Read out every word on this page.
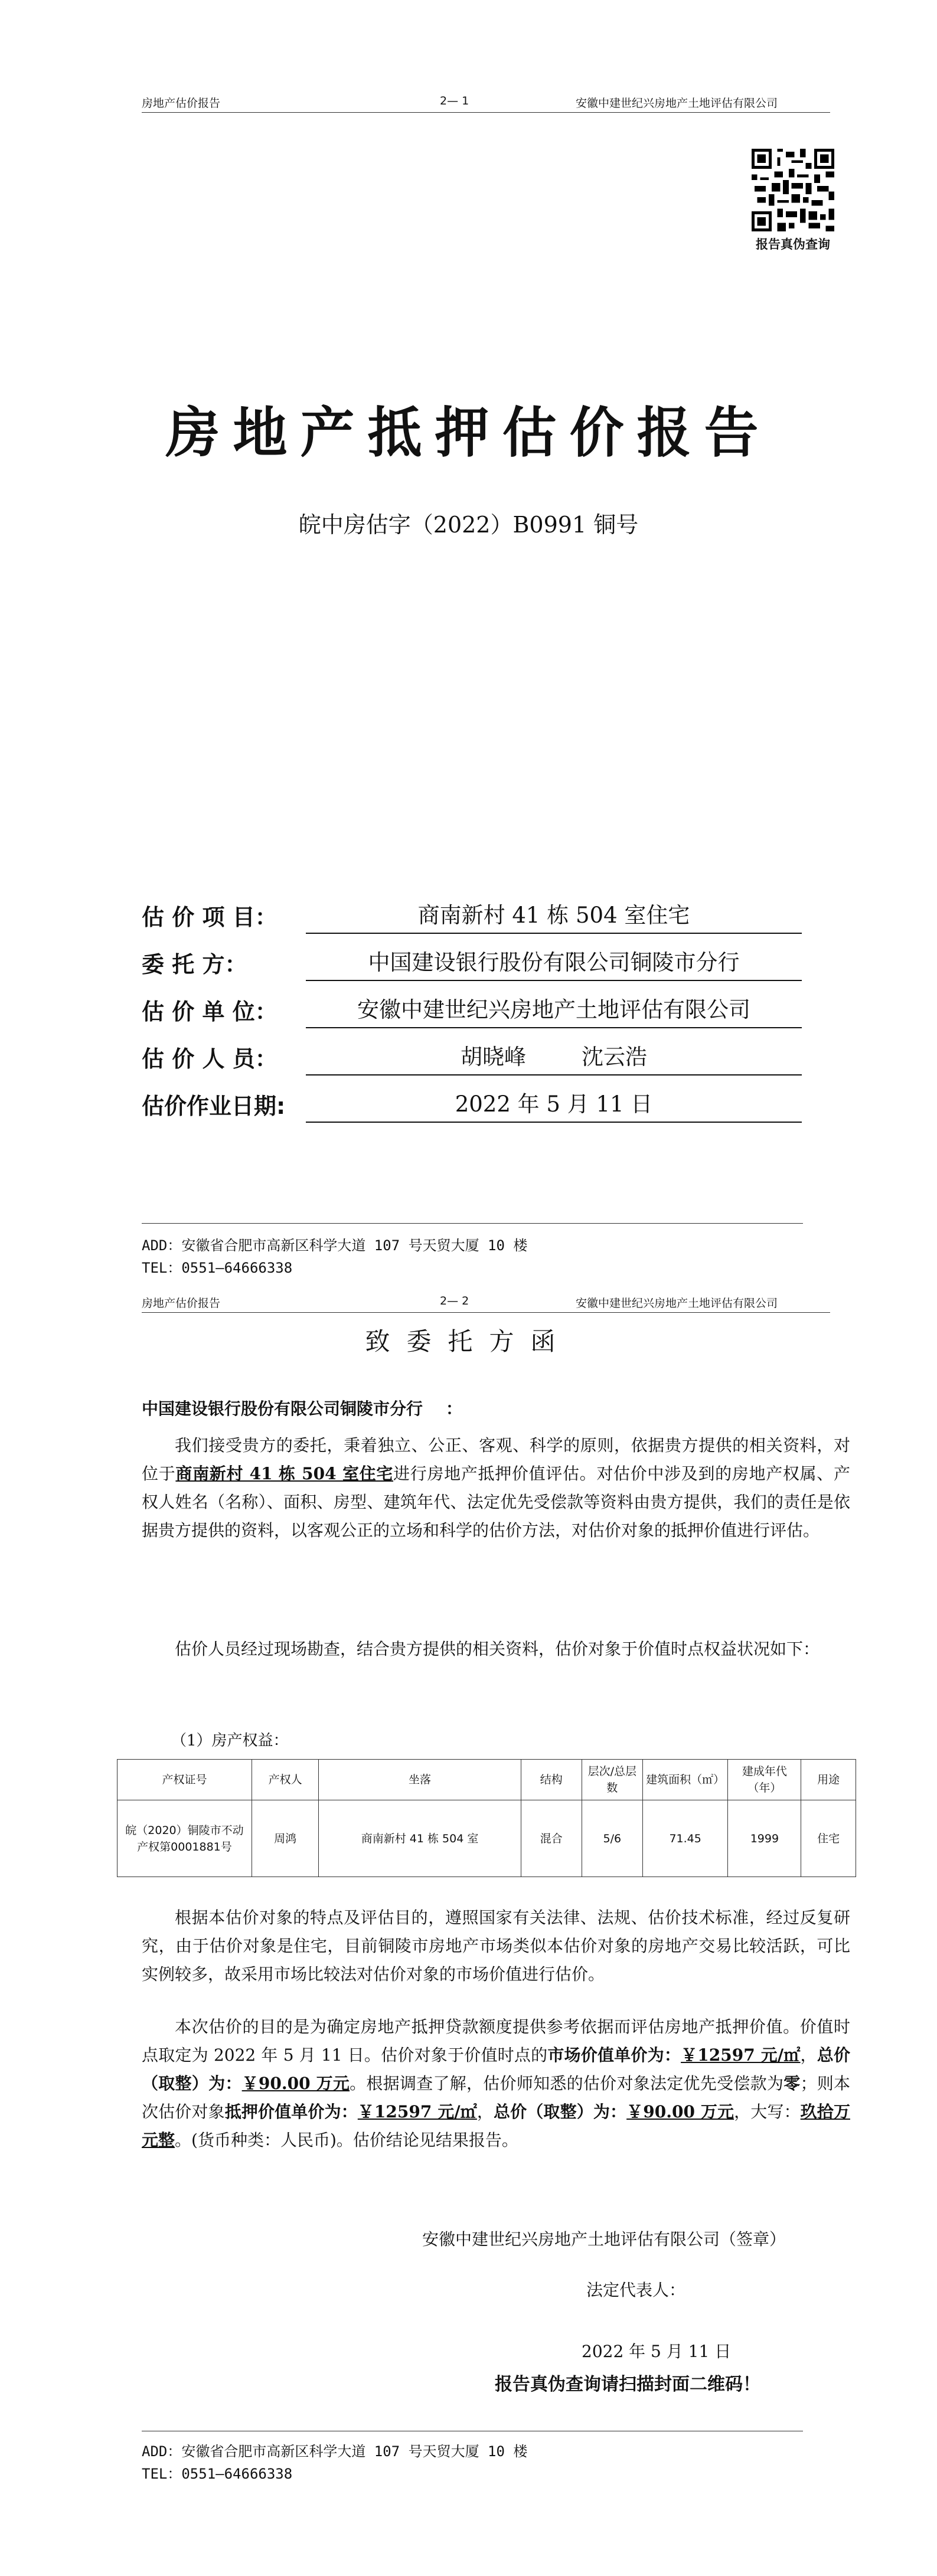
房地产估价报告	2— 1	安徽中建世纪兴房地产土地评估有限公司
报告真伪查询
房地产抵押估价报告
皖中房估字（2022）B0991 铜号
估 价 项 目：	商南新村 41 栋 504 室住宅
委 托 方：	中国建设银行股份有限公司铜陵市分行
估 价 单 位：	安徽中建世纪兴房地产土地评估有限公司
估 价 人 员：	胡晓峰        沈云浩
估价作业日期:	2022 年 5 月 11 日
ADD：安徽省合肥市高新区科学大道 107 号天贸大厦 10 楼
TEL：0551—64666338
房地产估价报告	2— 2	安徽中建世纪兴房地产土地评估有限公司
致委托方函
中国建设银行股份有限公司铜陵市分行    ：
我们接受贵方的委托，秉着独立、公正、客观、科学的原则，依据贵方提供的相关资料，对位于商南新村 41 栋 504 室住宅进行房地产抵押价值评估。对估价中涉及到的房地产权属、产权人姓名（名称）、面积、房型、建筑年代、法定优先受偿款等资料由贵方提供，我们的责任是依据贵方提供的资料，以客观公正的立场和科学的估价方法，对估价对象的抵押价值进行评估。
估价人员经过现场勘查，结合贵方提供的相关资料，估价对象于价值时点权益状况如下：
（1）房产权益：
产权证号	产权人	坐落	结构	层次/总层数	建筑面积（㎡）	建成年代（年）	用途
皖（2020）铜陵市不动产权第0001881号	周鸿	商南新村 41 栋 504 室	混合	5/6	71.45	1999	住宅
根据本估价对象的特点及评估目的，遵照国家有关法律、法规、估价技术标准，经过反复研究，由于估价对象是住宅，目前铜陵市房地产市场类似本估价对象的房地产交易比较活跃，可比实例较多，故采用市场比较法对估价对象的市场价值进行估价。
本次估价的目的是为确定房地产抵押贷款额度提供参考依据而评估房地产抵押价值。价值时点取定为 2022 年 5 月 11 日。估价对象于价值时点的市场价值单价为：￥12597 元/㎡，总价（取整）为：￥90.00 万元。根据调查了解，估价师知悉的估价对象法定优先受偿款为零；则本次估价对象抵押价值单价为：￥12597 元/㎡，总价（取整）为：￥90.00 万元，大写：玖拾万元整。(货币种类：人民币)。估价结论见结果报告。
安徽中建世纪兴房地产土地评估有限公司（签章）
法定代表人：
2022 年 5 月 11 日
报告真伪查询请扫描封面二维码！
ADD：安徽省合肥市高新区科学大道 107 号天贸大厦 10 楼
TEL：0551—64666338
